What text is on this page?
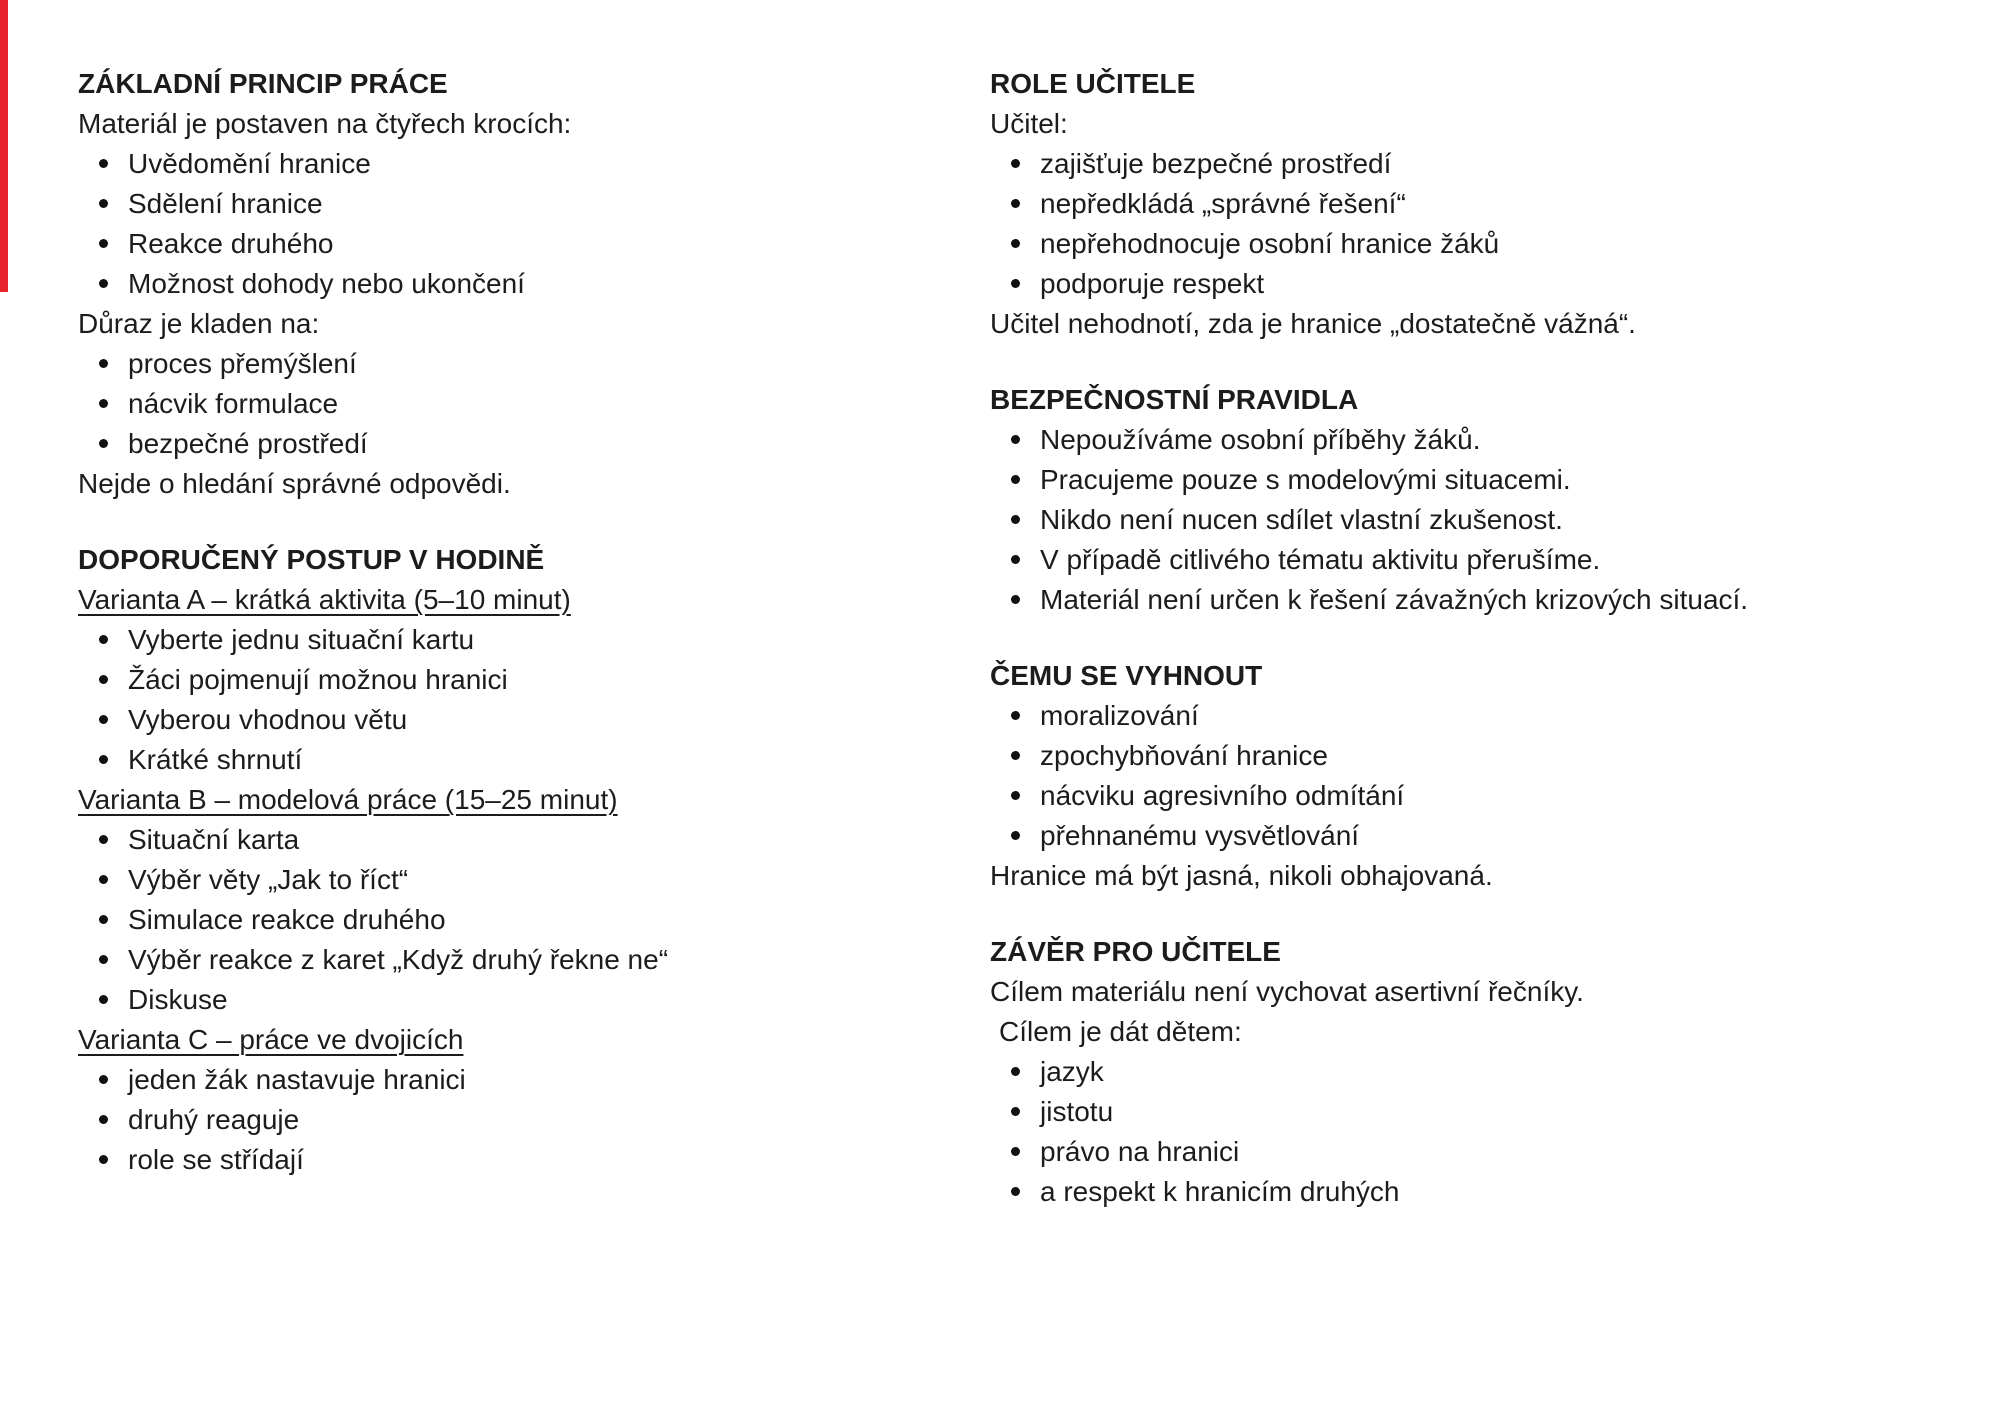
ZÁKLADNÍ PRINCIP PRÁCE
Materiál je postaven na čtyřech krocích:
Uvědomění hranice
Sdělení hranice
Reakce druhého
Možnost dohody nebo ukončení
Důraz je kladen na:
proces přemýšlení
nácvik formulace
bezpečné prostředí
Nejde o hledání správné odpovědi.
DOPORUČENÝ POSTUP V HODINĚ
Varianta A – krátká aktivita (5–10 minut)
Vyberte jednu situační kartu
Žáci pojmenují možnou hranici
Vyberou vhodnou větu
Krátké shrnutí
Varianta B – modelová práce (15–25 minut)
Situační karta
Výběr věty „Jak to říct“
Simulace reakce druhého
Výběr reakce z karet „Když druhý řekne ne“
Diskuse
Varianta C – práce ve dvojicích
jeden žák nastavuje hranici
druhý reaguje
role se střídají
ROLE UČITELE
Učitel:
zajišťuje bezpečné prostředí
nepředkládá „správné řešení“
nepřehodnocuje osobní hranice žáků
podporuje respekt
Učitel nehodnotí, zda je hranice „dostatečně vážná“.
BEZPEČNOSTNÍ PRAVIDLA
Nepoužíváme osobní příběhy žáků.
Pracujeme pouze s modelovými situacemi.
Nikdo není nucen sdílet vlastní zkušenost.
V případě citlivého tématu aktivitu přerušíme.
Materiál není určen k řešení závažných krizových situací.
ČEMU SE VYHNOUT
moralizování
zpochybňování hranice
nácviku agresivního odmítání
přehnanému vysvětlování
Hranice má být jasná, nikoli obhajovaná.
ZÁVĚR PRO UČITELE
Cílem materiálu není vychovat asertivní řečníky.
Cílem je dát dětem:
jazyk
jistotu
právo na hranici
a respekt k hranicím druhých
